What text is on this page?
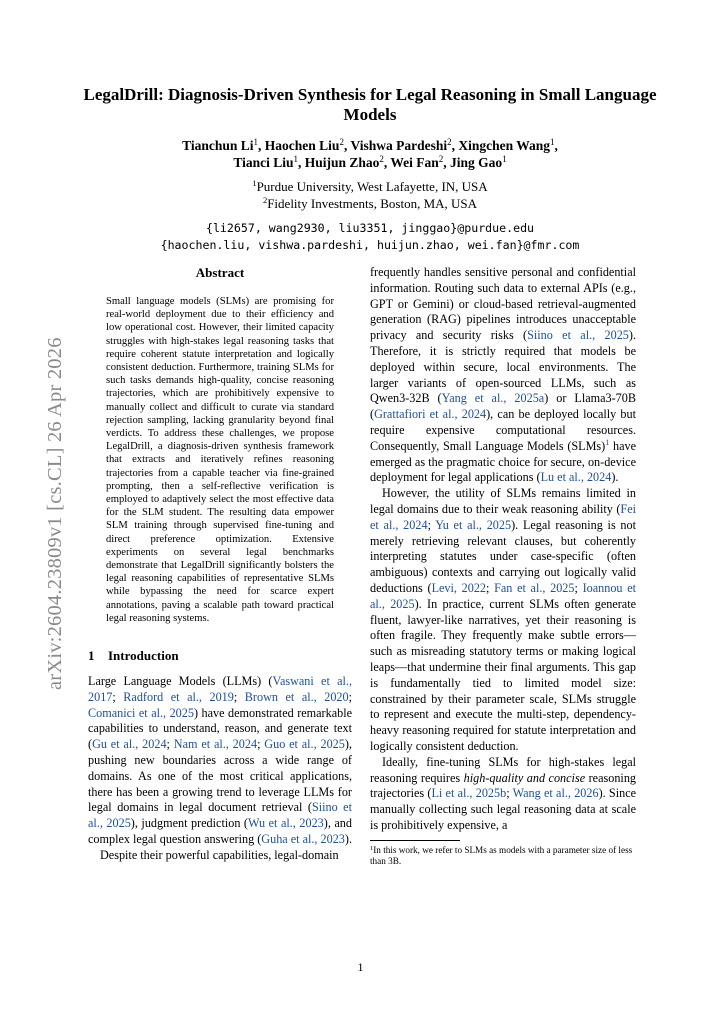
arXiv:2604.23809v1 [cs.CL] 26 Apr 2026
LegalDrill: Diagnosis-Driven Synthesis for Legal Reasoning in Small Language Models
Tianchun Li$^1$, Haochen Liu$^2$, Vishwa Pardeshi$^2$, Xingchen Wang$^1$,
Tianci Liu$^1$, Huijun Zhao$^2$, Wei Fan$^2$, Jing Gao$^1$
$^1$Purdue University, West Lafayette, IN, USA
$^2$Fidelity Investments, Boston, MA, USA
{li2657, wang2930, liu3351, jinggao}@purdue.edu
{haochen.liu, vishwa.pardeshi, huijun.zhao, wei.fan}@fmr.com
Abstract
Small language models (SLMs) are promising for real-world deployment due to their efficiency and low operational cost. However, their limited capacity struggles with high-stakes legal reasoning tasks that require coherent statute interpretation and logically consistent deduction. Furthermore, training SLMs for such tasks demands high-quality, concise reasoning trajectories, which are prohibitively expensive to manually collect and difficult to curate via standard rejection sampling, lacking granularity beyond final verdicts. To address these challenges, we propose LegalDrill, a diagnosis-driven synthesis framework that extracts and iteratively refines reasoning trajectories from a capable teacher via fine-grained prompting, then a self-reflective verification is employed to adaptively select the most effective data for the SLM student. The resulting data empower SLM training through supervised fine-tuning and direct preference optimization. Extensive experiments on several legal benchmarks demonstrate that LegalDrill significantly bolsters the legal reasoning capabilities of representative SLMs while bypassing the need for scarce expert annotations, paving a scalable path toward practical legal reasoning systems.
1 Introduction

Large Language Models (LLMs) (Vaswani et al., 2017; Radford et al., 2019; Brown et al., 2020; Comanici et al., 2025) have demonstrated remarkable capabilities to understand, reason, and generate text (Gu et al., 2024; Nam et al., 2024; Guo et al., 2025), pushing new boundaries across a wide range of domains. As one of the most critical applications, there has been a growing trend to leverage LLMs for legal domains in legal document retrieval (Siino et al., 2025), judgment prediction (Wu et al., 2023), and complex legal question answering (Guha et al., 2023).

Despite their powerful capabilities, legal-domain

frequently handles sensitive personal and confidential information. Routing such data to external APIs (e.g., GPT or Gemini) or cloud-based retrieval-augmented generation (RAG) pipelines introduces unacceptable privacy and security risks (Siino et al., 2025). Therefore, it is strictly required that models be deployed within secure, local environments. The larger variants of open-sourced LLMs, such as Qwen3-32B (Yang et al., 2025a) or Llama3-70B (Grattafiori et al., 2024), can be deployed locally but require expensive computational resources. Consequently, Small Language Models (SLMs)$^1$ have emerged as the pragmatic choice for secure, on-device deployment for legal applications (Lu et al., 2024).

However, the utility of SLMs remains limited in legal domains due to their weak reasoning ability (Fei et al., 2024; Yu et al., 2025). Legal reasoning is not merely retrieving relevant clauses, but coherently interpreting statutes under case-specific (often ambiguous) contexts and carrying out logically valid deductions (Levi, 2022; Fan et al., 2025; Ioannou et al., 2025). In practice, current SLMs often generate fluent, lawyer-like narratives, yet their reasoning is often fragile. They frequently make subtle errors—such as misreading statutory terms or making logical leaps—that undermine their final arguments. This gap is fundamentally tied to limited model size: constrained by their parameter scale, SLMs struggle to represent and execute the multi-step, dependency-heavy reasoning required for statute interpretation and logically consistent deduction.

Ideally, fine-tuning SLMs for high-stakes legal reasoning requires high-quality and concise reasoning trajectories (Li et al., 2025b; Wang et al., 2026). Since manually collecting such legal reasoning data at scale is prohibitively expensive, a

$^1$In this work, we refer to SLMs as models with a parameter size of less than 3B.
1
